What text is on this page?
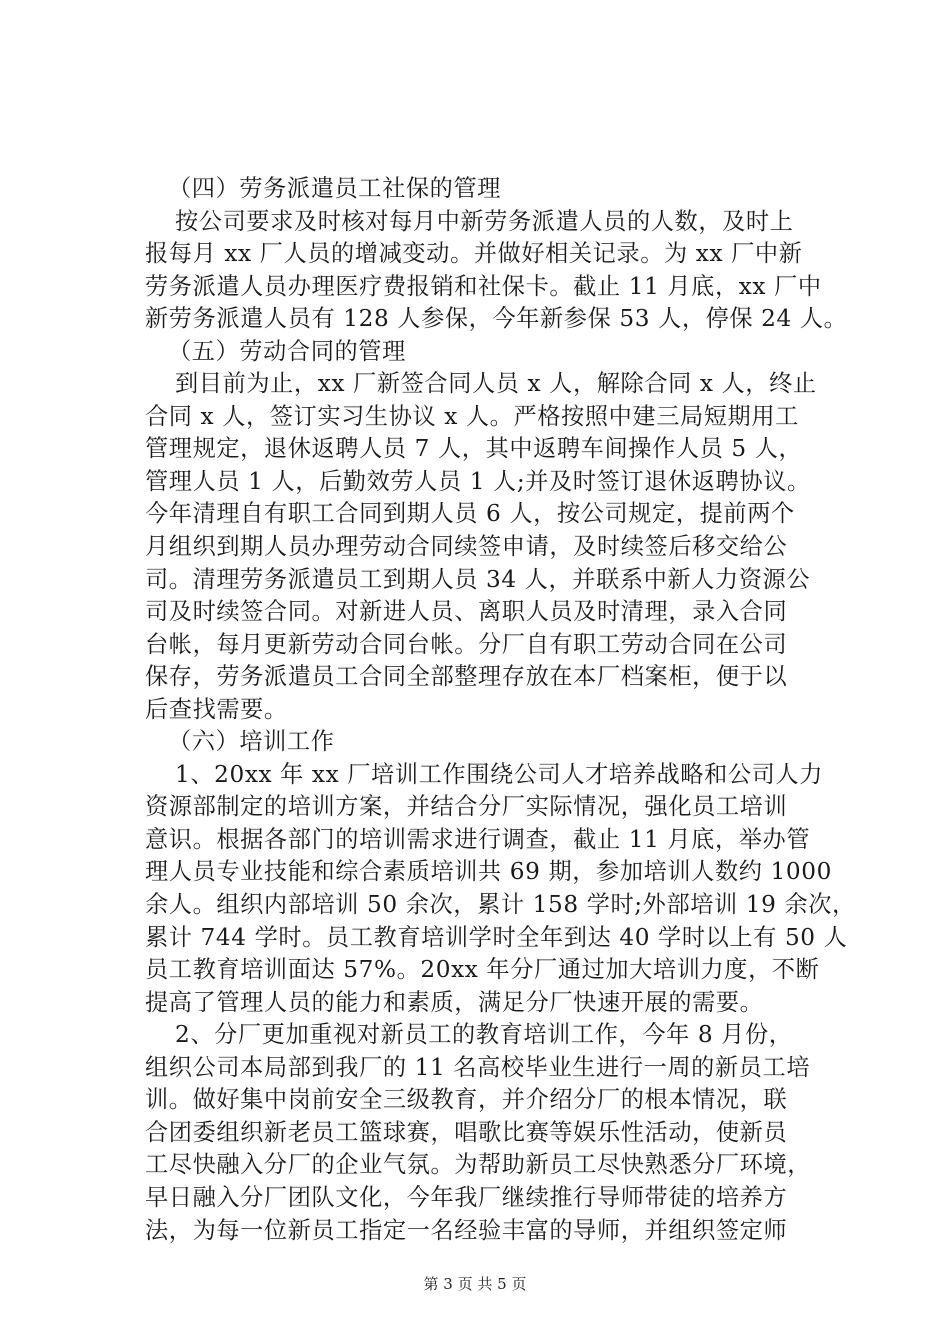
（四）劳务派遣员工社保的管理
按公司要求及时核对每月中新劳务派遣人员的人数，及时上
报每月 xx 厂人员的增减变动。并做好相关记录。为 xx 厂中新
劳务派遣人员办理医疗费报销和社保卡。截止 11 月底，xx 厂中
新劳务派遣人员有 128 人参保，今年新参保 53 人，停保 24 人。
（五）劳动合同的管理
到目前为止，xx 厂新签合同人员 x 人，解除合同 x 人，终止
合同 x 人，签订实习生协议 x 人。严格按照中建三局短期用工
管理规定，退休返聘人员 7 人，其中返聘车间操作人员 5 人，
管理人员 1 人，后勤效劳人员 1 人;并及时签订退休返聘协议。
今年清理自有职工合同到期人员 6 人，按公司规定，提前两个
月组织到期人员办理劳动合同续签申请，及时续签后移交给公
司。清理劳务派遣员工到期人员 34 人，并联系中新人力资源公
司及时续签合同。对新进人员、离职人员及时清理，录入合同
台帐，每月更新劳动合同台帐。分厂自有职工劳动合同在公司
保存，劳务派遣员工合同全部整理存放在本厂档案柜，便于以
后查找需要。
（六）培训工作
1、20xx 年 xx 厂培训工作围绕公司人才培养战略和公司人力
资源部制定的培训方案，并结合分厂实际情况，强化员工培训
意识。根据各部门的培训需求进行调查，截止 11 月底，举办管
理人员专业技能和综合素质培训共 69 期，参加培训人数约 1000
余人。组织内部培训 50 余次，累计 158 学时;外部培训 19 余次，
累计 744 学时。员工教育培训学时全年到达 40 学时以上有 50 人
员工教育培训面达 57%。20xx 年分厂通过加大培训力度，不断
提高了管理人员的能力和素质，满足分厂快速开展的需要。
2、分厂更加重视对新员工的教育培训工作，今年 8 月份，
组织公司本局部到我厂的 11 名高校毕业生进行一周的新员工培
训。做好集中岗前安全三级教育，并介绍分厂的根本情况，联
合团委组织新老员工篮球赛，唱歌比赛等娱乐性活动，使新员
工尽快融入分厂的企业气氛。为帮助新员工尽快熟悉分厂环境，
早日融入分厂团队文化，今年我厂继续推行导师带徒的培养方
法，为每一位新员工指定一名经验丰富的导师，并组织签定师
第 3 页 共 5 页
